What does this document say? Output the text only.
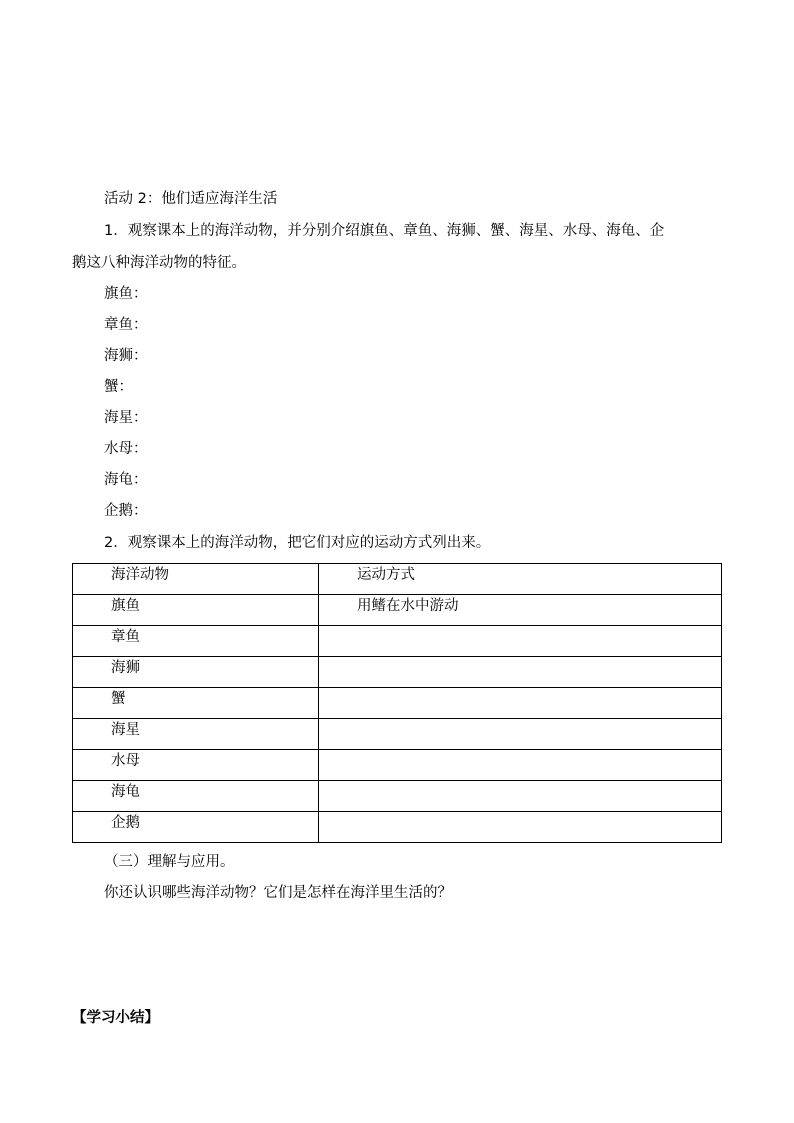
活动 2：他们适应海洋生活
1．观察课本上的海洋动物，并分别介绍旗鱼、章鱼、海狮、蟹、海星、水母、海龟、企
鹅这八种海洋动物的特征。
旗鱼：
章鱼：
海狮：
蟹：
海星：
水母：
海龟：
企鹅：
2．观察课本上的海洋动物，把它们对应的运动方式列出来。
海洋动物	运动方式
旗鱼	用鳍在水中游动
章鱼	
海狮	
蟹	
海星	
水母	
海龟	
企鹅	
（三）理解与应用。
你还认识哪些海洋动物？它们是怎样在海洋里生活的？
【学习小结】
